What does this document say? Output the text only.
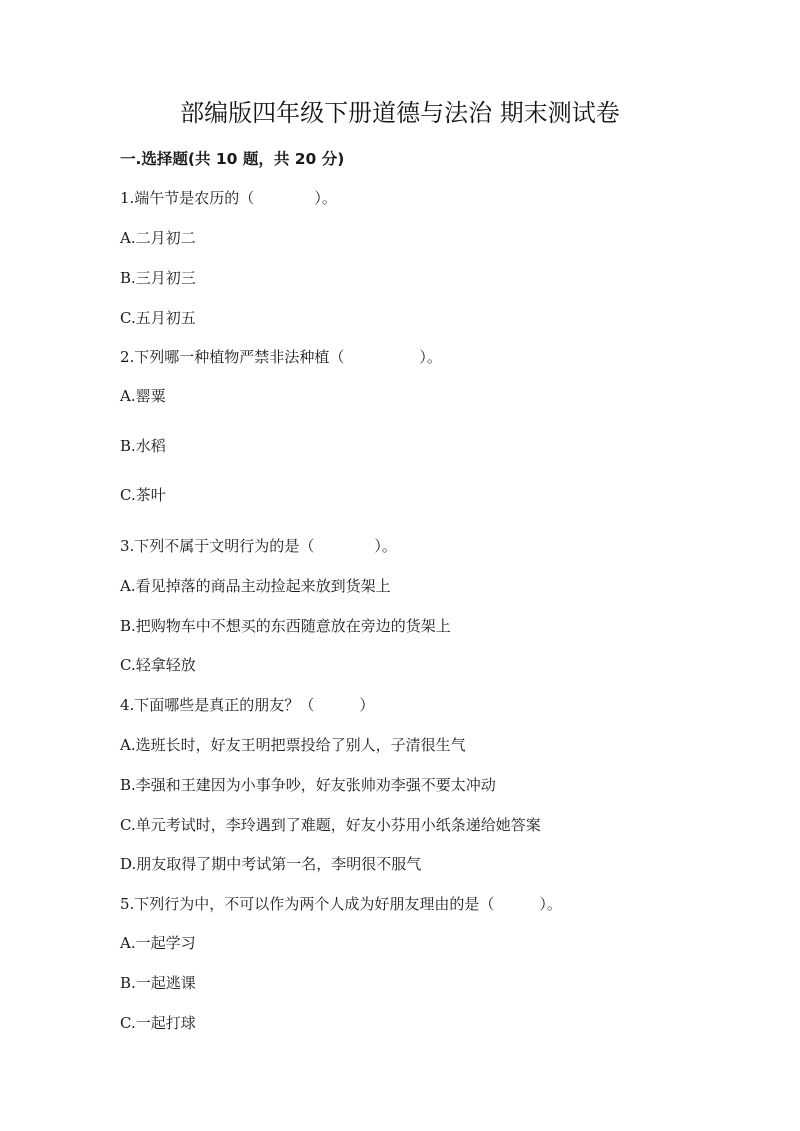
部编版四年级下册道德与法治 期末测试卷
一.选择题(共 10 题，共 20 分)
1.端午节是农历的（　　　　）。
A.二月初二
B.三月初三
C.五月初五
2.下列哪一种植物严禁非法种植（　　　　　）。
A.罂粟
B.水稻
C.茶叶
3.下列不属于文明行为的是（　　　　）。
A.看见掉落的商品主动捡起来放到货架上
B.把购物车中不想买的东西随意放在旁边的货架上
C.轻拿轻放
4.下面哪些是真正的朋友？（　　　）
A.选班长时，好友王明把票投给了别人，子清很生气
B.李强和王建因为小事争吵，好友张帅劝李强不要太冲动
C.单元考试时，李玲遇到了难题，好友小芬用小纸条递给她答案
D.朋友取得了期中考试第一名，李明很不服气
5.下列行为中，不可以作为两个人成为好朋友理由的是（　　　）。
A.一起学习
B.一起逃课
C.一起打球
